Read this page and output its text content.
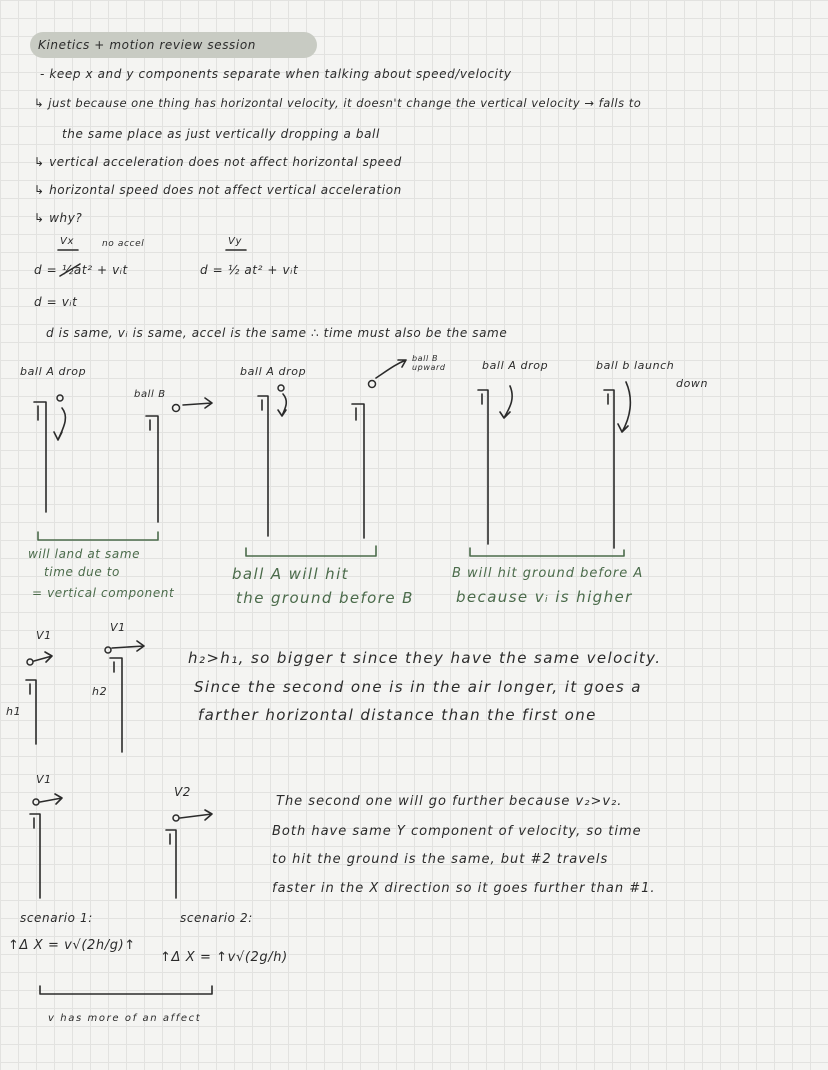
Kinetics + motion review session
- keep x and y components separate when talking about speed/velocity
↳ just because one thing has horizontal velocity, it doesn't change the vertical velocity → falls to
the same place as just vertically dropping a ball
↳ vertical acceleration does not affect horizontal speed
↳ horizontal speed does not affect vertical acceleration
↳ why?
Vx	no accel
d = ½at² + vᵢt
d = vᵢt
Vy
d = ½ at² + vᵢt
d is same, vᵢ is same, accel is the same ∴ time must also be the same
ball A drop
ball B
ball A drop
ball B
upward	ball A drop	ball b launch
down
will land at same
time due to
= vertical component
ball A will hit
the ground before B
B will hit ground before A
because vᵢ is higher
V1
V1
h1
h2
h₂>h₁, so bigger t since they have the same velocity.
Since the second one is in the air longer, it goes a
farther horizontal distance than the first one
V1
V2
The second one will go further because v₂>v₂.
Both have same Y component of velocity, so time
to hit the ground is the same, but #2 travels
faster in the X direction so it goes further than #1.
scenario 1:
↑Δ X = v√(2h/g)↑
scenario 2:
↑Δ X = ↑v√(2g/h)
v has more of an affect
